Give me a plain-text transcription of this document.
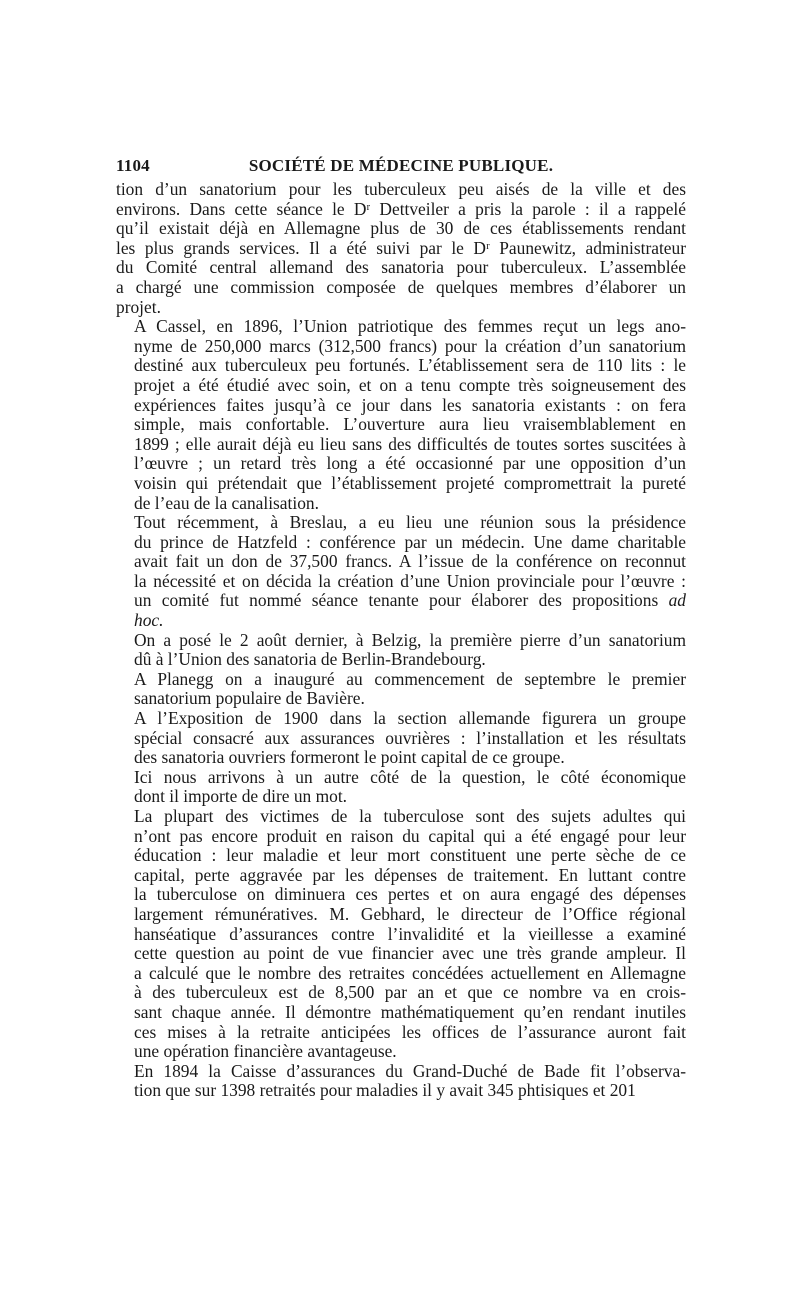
1104	SOCIÉTÉ DE MÉDECINE PUBLIQUE.

tion d’un sanatorium pour les tuberculeux peu aisés de la ville et des
environs. Dans cette séance le Dʳ Dettveiler a pris la parole : il a rappelé
qu’il existait déjà en Allemagne plus de 30 de ces établissements rendant
les plus grands services. Il a été suivi par le Dʳ Paunewitz, administrateur
du Comité central allemand des sanatoria pour tuberculeux. L’assemblée
a chargé une commission composée de quelques membres d’élaborer un
projet.

A Cassel, en 1896, l’Union patriotique des femmes reçut un legs ano-
nyme de 250,000 marcs (312,500 francs) pour la création d’un sanatorium
destiné aux tuberculeux peu fortunés. L’établissement sera de 110 lits : le
projet a été étudié avec soin, et on a tenu compte très soigneusement des
expériences faites jusqu’à ce jour dans les sanatoria existants : on fera
simple, mais confortable. L’ouverture aura lieu vraisemblablement en
1899 ; elle aurait déjà eu lieu sans des difficultés de toutes sortes suscitées à
l’œuvre ; un retard très long a été occasionné par une opposition d’un
voisin qui prétendait que l’établissement projeté compromettrait la pureté
de l’eau de la canalisation.

Tout récemment, à Breslau, a eu lieu une réunion sous la présidence
du prince de Hatzfeld : conférence par un médecin. Une dame charitable
avait fait un don de 37,500 francs. A l’issue de la conférence on reconnut
la nécessité et on décida la création d’une Union provinciale pour l’œuvre :
un comité fut nommé séance tenante pour élaborer des propositions ad
hoc.

On a posé le 2 août dernier, à Belzig, la première pierre d’un sanatorium
dû à l’Union des sanatoria de Berlin-Brandebourg.

A Planegg on a inauguré au commencement de septembre le premier
sanatorium populaire de Bavière.

A l’Exposition de 1900 dans la section allemande figurera un groupe
spécial consacré aux assurances ouvrières : l’installation et les résultats
des sanatoria ouvriers formeront le point capital de ce groupe.

Ici nous arrivons à un autre côté de la question, le côté économique
dont il importe de dire un mot.

La plupart des victimes de la tuberculose sont des sujets adultes qui
n’ont pas encore produit en raison du capital qui a été engagé pour leur
éducation : leur maladie et leur mort constituent une perte sèche de ce
capital, perte aggravée par les dépenses de traitement. En luttant contre
la tuberculose on diminuera ces pertes et on aura engagé des dépenses
largement rémunératives. M. Gebhard, le directeur de l’Office régional
hanséatique d’assurances contre l’invalidité et la vieillesse a examiné
cette question au point de vue financier avec une très grande ampleur. Il
a calculé que le nombre des retraites concédées actuellement en Allemagne
à des tuberculeux est de 8,500 par an et que ce nombre va en crois-
sant chaque année. Il démontre mathématiquement qu’en rendant inutiles
ces mises à la retraite anticipées les offices de l’assurance auront fait
une opération financière avantageuse.

En 1894 la Caisse d’assurances du Grand-Duché de Bade fit l’observa-
tion que sur 1398 retraités pour maladies il y avait 345 phtisiques et 201
